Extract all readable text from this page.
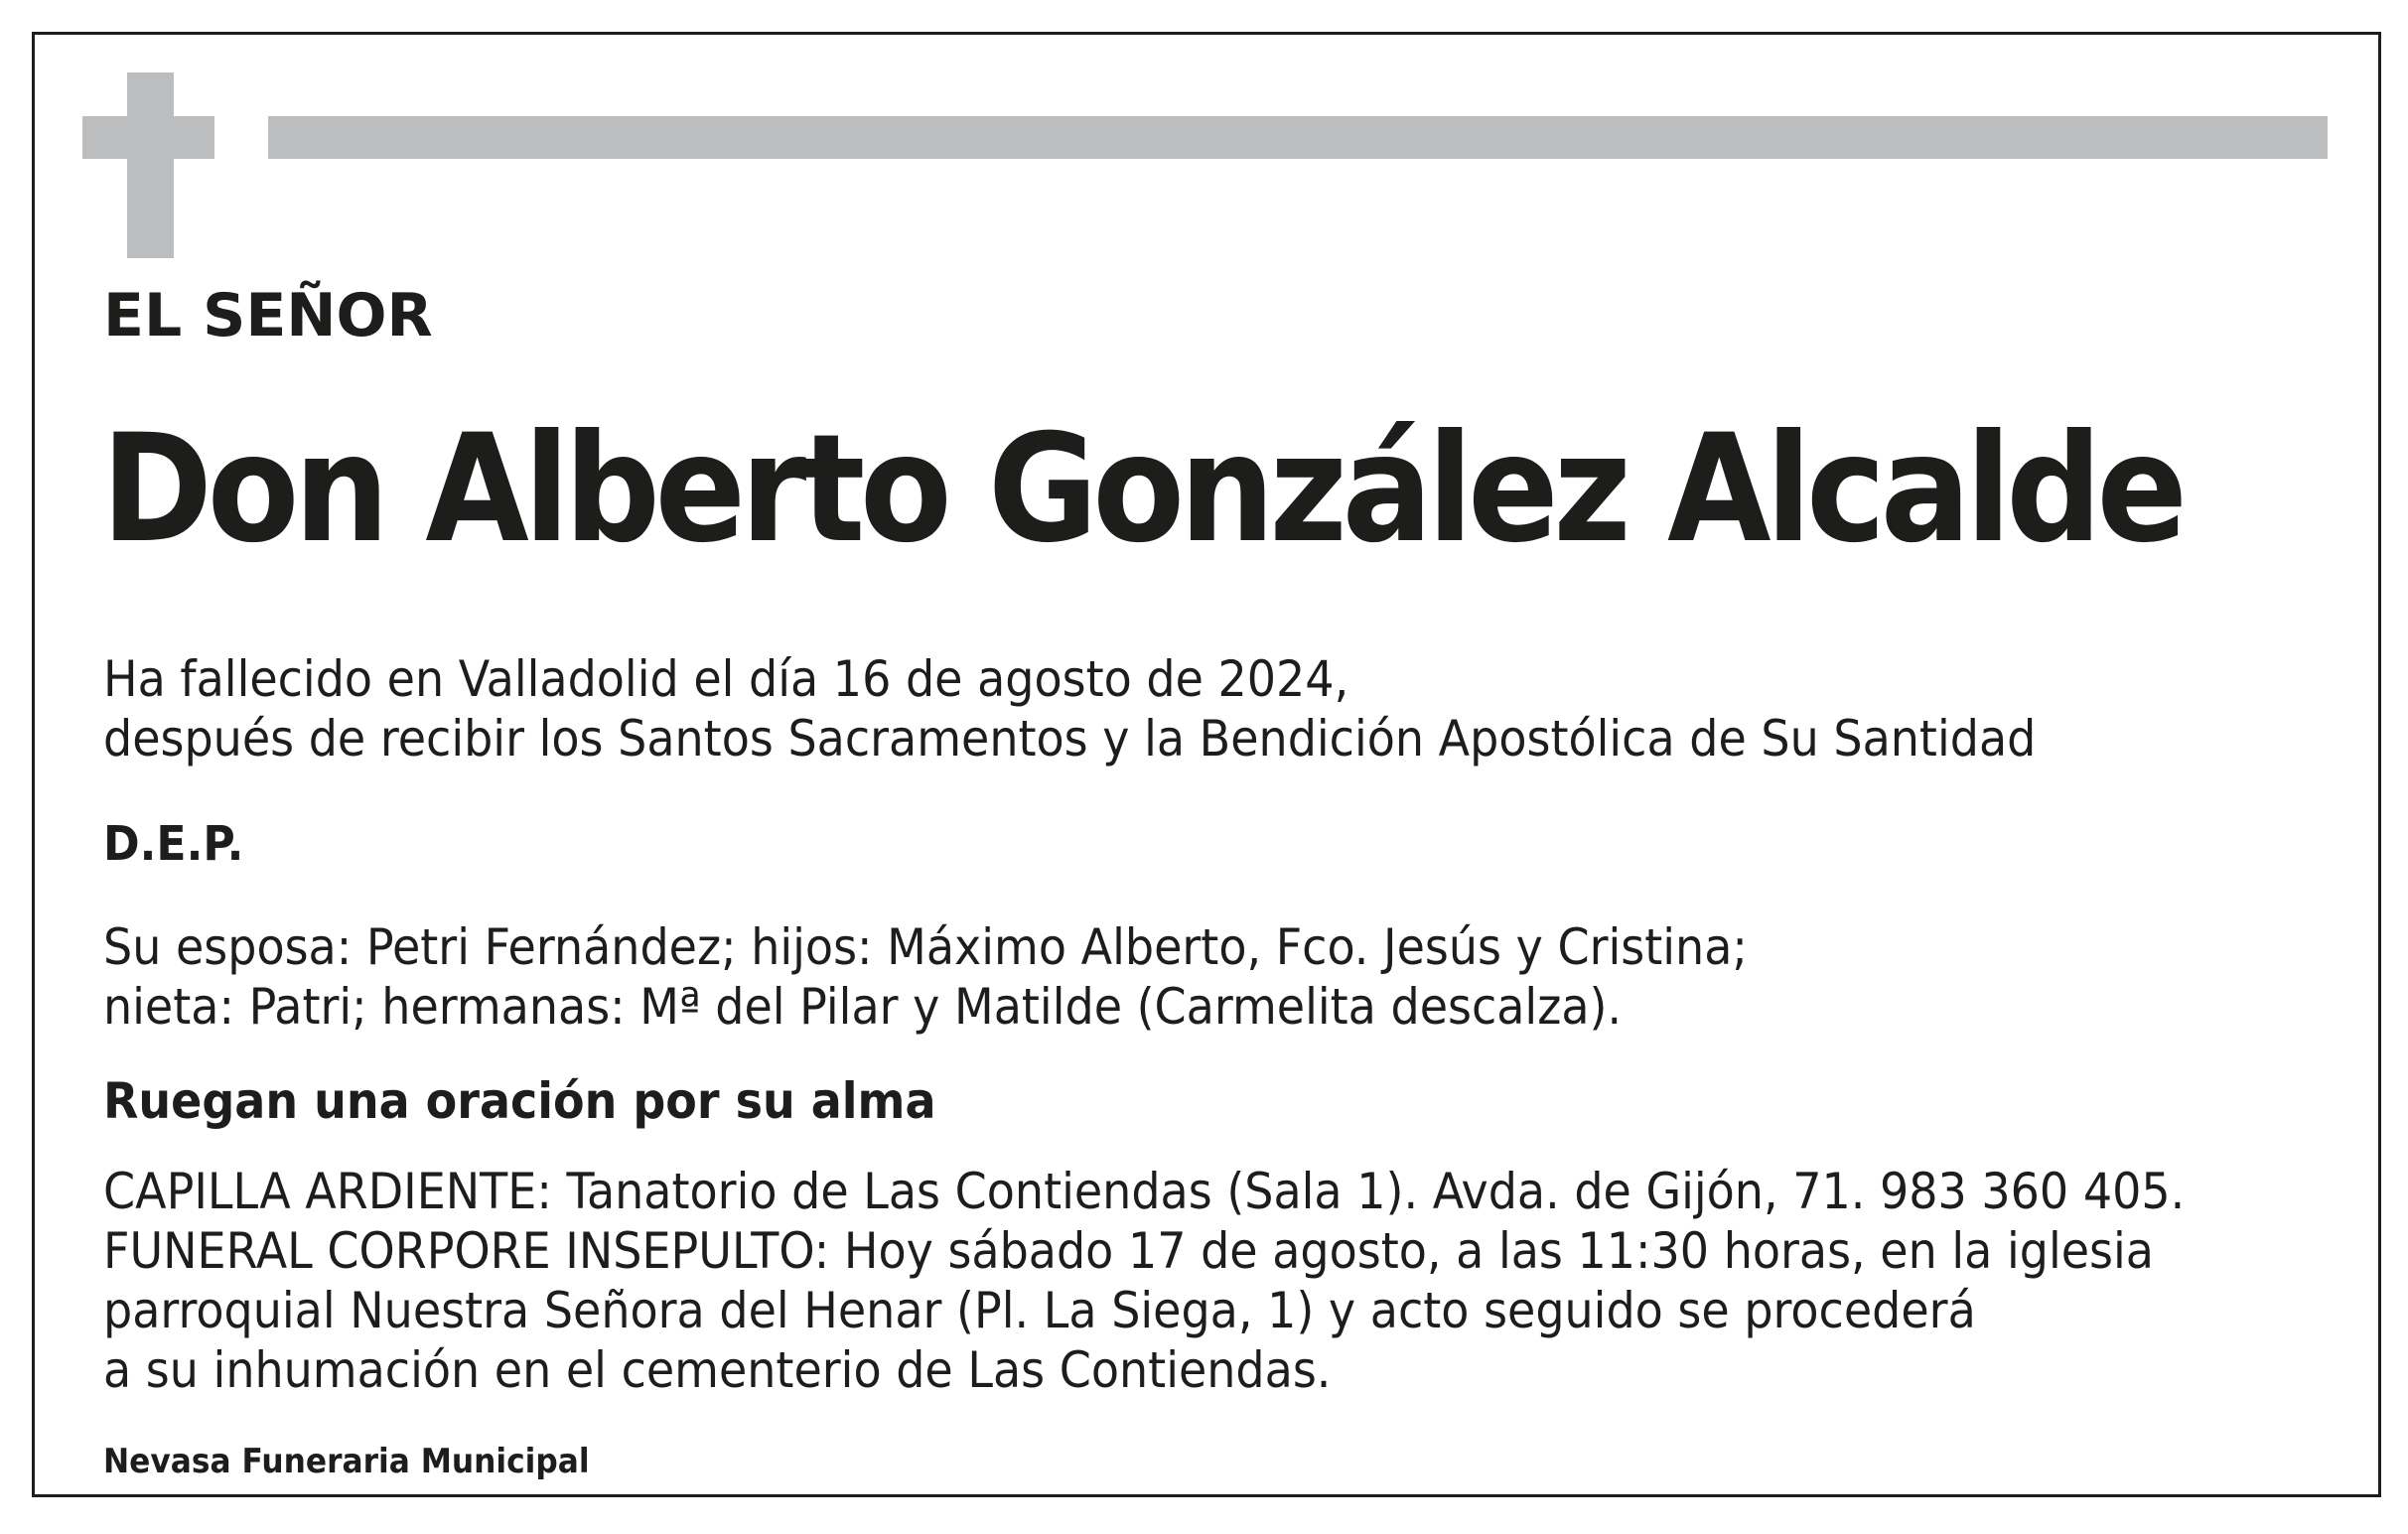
EL SEÑOR
Don Alberto González Alcalde
Ha fallecido en Valladolid el día 16 de agosto de 2024,
después de recibir los Santos Sacramentos y la Bendición Apostólica de Su Santidad
D.E.P.
Su esposa: Petri Fernández; hijos: Máximo Alberto, Fco. Jesús y Cristina;
nieta: Patri; hermanas: Mª del Pilar y Matilde (Carmelita descalza).
Ruegan una oración por su alma
CAPILLA ARDIENTE: Tanatorio de Las Contiendas (Sala 1). Avda. de Gijón, 71. 983 360 405.
FUNERAL CORPORE INSEPULTO: Hoy sábado 17 de agosto, a las 11:30 horas, en la iglesia
parroquial Nuestra Señora del Henar (Pl. La Siega, 1) y acto seguido se procederá
a su inhumación en el cementerio de Las Contiendas.
Nevasa Funeraria Municipal
